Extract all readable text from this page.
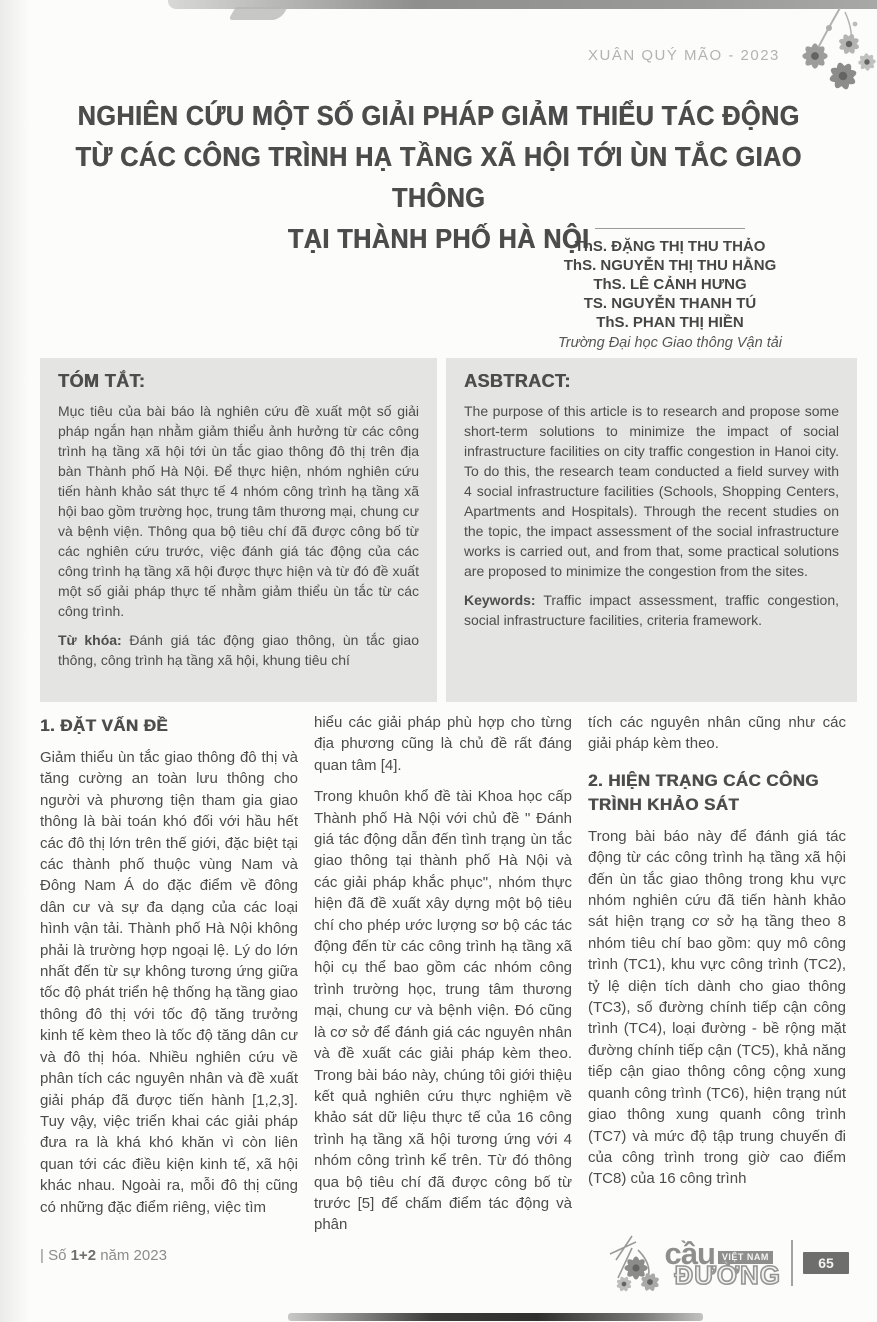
XUÂN QUÝ MÃO - 2023
NGHIÊN CỨU MỘT SỐ GIẢI PHÁP GIẢM THIỂU TÁC ĐỘNG
TỪ CÁC CÔNG TRÌNH HẠ TẦNG XÃ HỘI TỚI ÙN TẮC GIAO THÔNG
TẠI THÀNH PHỐ HÀ NỘI
ThS. ĐẶNG THỊ THU THẢO
ThS. NGUYỄN THỊ THU HẰNG
ThS. LÊ CẢNH HƯNG
TS. NGUYỄN THANH TÚ
ThS. PHAN THỊ HIỀN
Trường Đại học Giao thông Vận tải
TÓM TẮT:
Mục tiêu của bài báo là nghiên cứu đề xuất một số giải pháp ngắn hạn nhằm giảm thiểu ảnh hưởng từ các công trình hạ tầng xã hội tới ùn tắc giao thông đô thị trên địa bàn Thành phố Hà Nội. Để thực hiện, nhóm nghiên cứu tiến hành khảo sát thực tế 4 nhóm công trình hạ tầng xã hội bao gồm trường học, trung tâm thương mại, chung cư và bệnh viện. Thông qua bộ tiêu chí đã được công bố từ các nghiên cứu trước, việc đánh giá tác động của các công trình hạ tầng xã hội được thực hiện và từ đó đề xuất một số giải pháp thực tế nhằm giảm thiểu ùn tắc từ các công trình.
Từ khóa: Đánh giá tác động giao thông, ùn tắc giao thông, công trình hạ tầng xã hội, khung tiêu chí
ASBTRACT:
The purpose of this article is to research and propose some short-term solutions to minimize the impact of social infrastructure facilities on city traffic congestion in Hanoi city. To do this, the research team conducted a field survey with 4 social infrastructure facilities (Schools, Shopping Centers, Apartments and Hospitals). Through the recent studies on the topic, the impact assessment of the social infrastructure works is carried out, and from that, some practical solutions are proposed to minimize the congestion from the sites.
Keywords: Traffic impact assessment, traffic congestion, social infrastructure facilities, criteria framework.
1. ĐẶT VẤN ĐỀ

Giảm thiểu ùn tắc giao thông đô thị và tăng cường an toàn lưu thông cho người và phương tiện tham gia giao thông là bài toán khó đối với hầu hết các đô thị lớn trên thế giới, đặc biệt tại các thành phố thuộc vùng Nam và Đông Nam Á do đặc điểm về đông dân cư và sự đa dạng của các loại hình vận tải. Thành phố Hà Nội không phải là trường hợp ngoại lệ. Lý do lớn nhất đến từ sự không tương ứng giữa tốc độ phát triển hệ thống hạ tầng giao thông đô thị với tốc độ tăng trưởng kinh tế kèm theo là tốc độ tăng dân cư và đô thị hóa. Nhiều nghiên cứu về phân tích các nguyên nhân và đề xuất giải pháp đã được tiến hành [1,2,3]. Tuy vậy, việc triển khai các giải pháp đưa ra là khá khó khăn vì còn liên quan tới các điều kiện kinh tế, xã hội khác nhau. Ngoài ra, mỗi đô thị cũng có những đặc điểm riêng, việc tìm

hiểu các giải pháp phù hợp cho từng địa phương cũng là chủ đề rất đáng quan tâm [4].

Trong khuôn khổ đề tài Khoa học cấp Thành phố Hà Nội với chủ đề " Đánh giá tác động dẫn đến tình trạng ùn tắc giao thông tại thành phố Hà Nội và các giải pháp khắc phục", nhóm thực hiện đã đề xuất xây dựng một bộ tiêu chí cho phép ước lượng sơ bộ các tác động đến từ các công trình hạ tầng xã hội cụ thể bao gồm các nhóm công trình trường học, trung tâm thương mại, chung cư và bệnh viện. Đó cũng là cơ sở để đánh giá các nguyên nhân và đề xuất các giải pháp kèm theo. Trong bài báo này, chúng tôi giới thiệu kết quả nghiên cứu thực nghiệm về khảo sát dữ liệu thực tế của 16 công trình hạ tầng xã hội tương ứng với 4 nhóm công trình kể trên. Từ đó thông qua bộ tiêu chí đã được công bố từ trước [5] để chấm điểm tác động và phân

tích các nguyên nhân cũng như các giải pháp kèm theo.

2. HIỆN TRẠNG CÁC CÔNG TRÌNH KHẢO SÁT

Trong bài báo này để đánh giá tác động từ các công trình hạ tầng xã hội đến ùn tắc giao thông trong khu vực nhóm nghiên cứu đã tiến hành khảo sát hiện trạng cơ sở hạ tầng theo 8 nhóm tiêu chí bao gồm: quy mô công trình (TC1), khu vực công trình (TC2), tỷ lệ diện tích dành cho giao thông (TC3), số đường chính tiếp cận công trình (TC4), loại đường - bề rộng mặt đường chính tiếp cận (TC5), khả năng tiếp cận giao thông công cộng xung quanh công trình (TC6), hiện trạng nút giao thông xung quanh công trình (TC7) và mức độ tập trung chuyến đi của công trình trong giờ cao điểm (TC8) của 16 công trình

| Số 1+2 năm 2023	cầu VIỆT NAM
ĐƯỜNG	65
